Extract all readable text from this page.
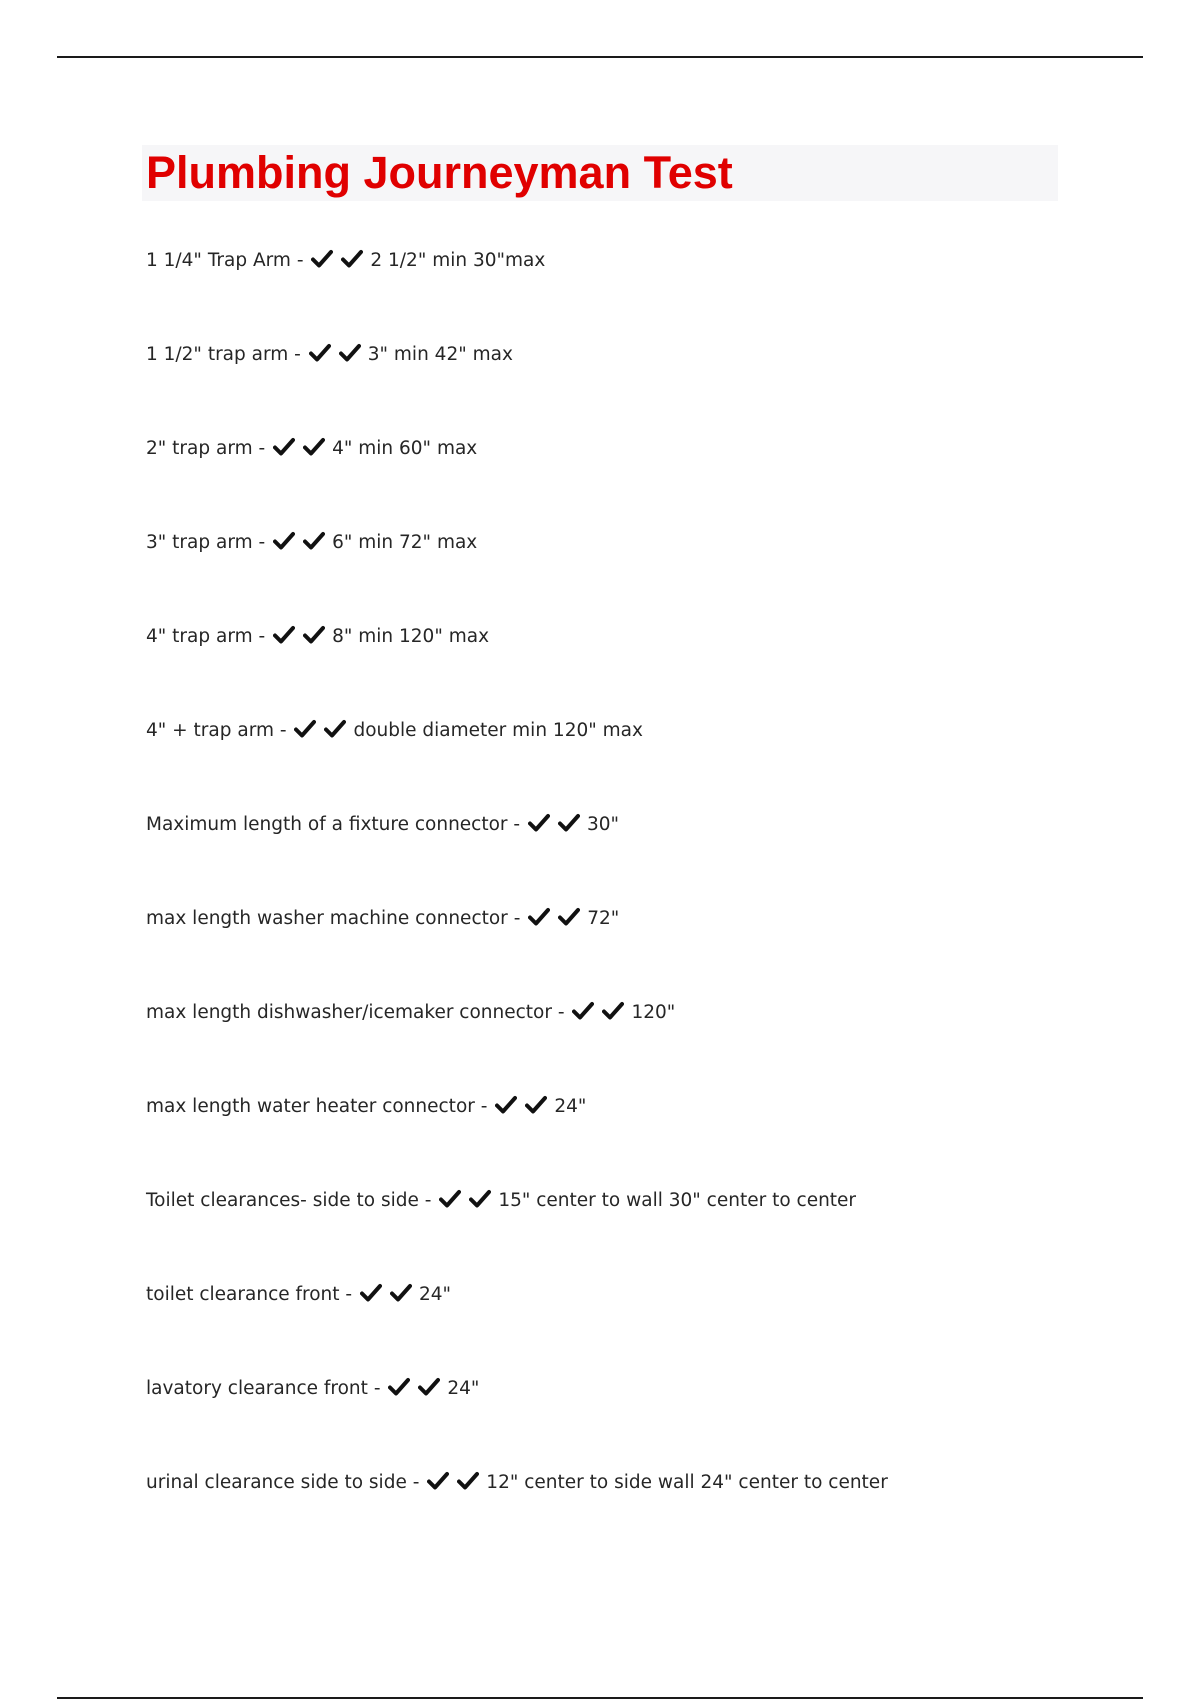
Plumbing Journeyman Test
1 1/4" Trap Arm -	2 1/2" min 30"max
1 1/2" trap arm -	3" min 42" max
2" trap arm -	4" min 60" max
3" trap arm -	6" min 72" max
4" trap arm -	8" min 120" max
4" + trap arm -	double diameter min 120" max
Maximum length of a fixture connector -	30"
max length washer machine connector -	72"
max length dishwasher/icemaker connector -	120"
max length water heater connector -	24"
Toilet clearances- side to side -	15" center to wall 30" center to center
toilet clearance front -	24"
lavatory clearance front -	24"
urinal clearance side to side -	12" center to side wall 24" center to center
